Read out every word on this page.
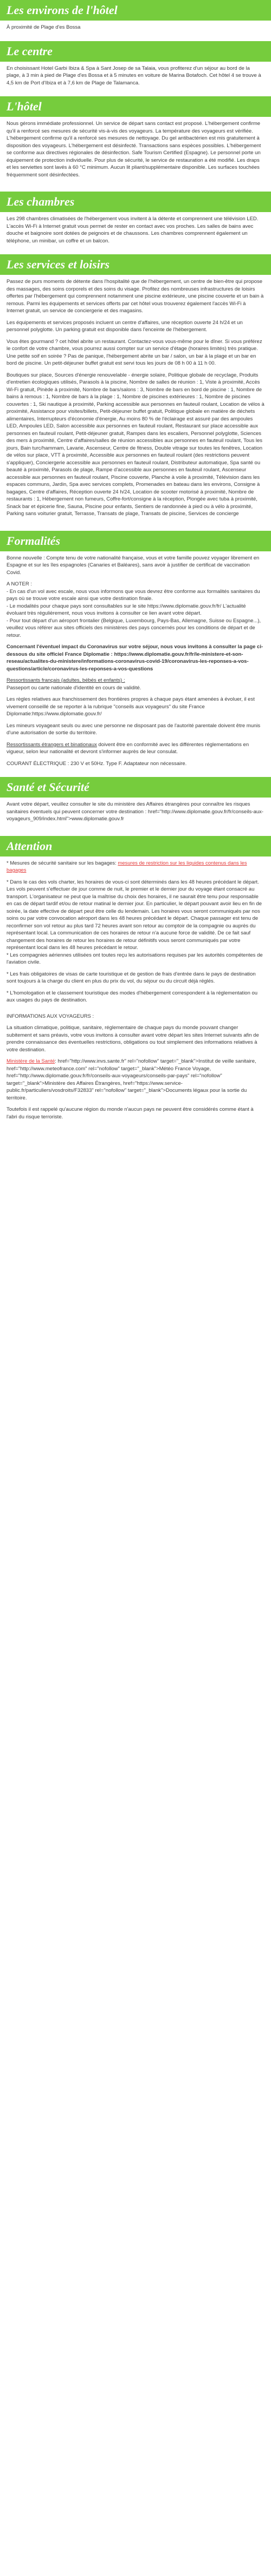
Les environs de l'hôtel

À proximité de Plage d'es Bossa

Le centre

En choisissant Hotel Garbi Ibiza & Spa à Sant Josep de sa Talaia, vous profiterez d'un séjour au bord de la plage, à 3 min à pied de Plage d'es Bossa et à 5 minutes en voiture de Marina Botafoch. Cet hôtel 4 se trouve à 4,5 km de Port d'Ibiza et à 7,6 km de Plage de Talamanca.

L'hôtel

Nous gérons immédiate professionnel. Un service de départ sans contact est proposé. L'hébergement confirme qu'il a renforcé ses mesures de sécurité vis-à-vis des voyageurs. La température des voyageurs est vérifiée. L'hébergement confirme qu'il a renforcé ses mesures de nettoyage. Du gel antibactérien est mis gratuitement à disposition des voyageurs. L'hébergement est désinfecté. Transactions sans espèces possibles. L'hébergement se conforme aux directives régionales de désinfection. Safe Tourism Certified (Espagne). Le personnel porte un équipement de protection individuelle. Pour plus de sécurité, le service de restauration a été modifié. Les draps et les serviettes sont lavés à 60 °C minimum. Aucun lit pliant/supplémentaire disponible. Les surfaces touchées fréquemment sont désinfectées.

Les chambres

Les 298 chambres climatisées de l'hébergement vous invitent à la détente et comprennent une télévision LED. L'accès Wi-Fi à Internet gratuit vous permet de rester en contact avec vos proches. Les salles de bains avec douche et baignoire sont dotées de peignoirs et de chaussons. Les chambres comprennent également un téléphone, un minibar, un coffre et un balcon.

Les services et loisirs

Passez de purs moments de détente dans l'hospitalité que de l'hébergement, un centre de bien-être qui propose des massages, des soins corporels et des soins du visage. Profitez des nombreuses infrastructures de loisirs offertes par l'hébergement qui comprennent notamment une piscine extérieure, une piscine couverte et un bain à remous. Parmi les équipements et services offerts par cet hôtel vous trouverez également l'accès Wi-Fi à Internet gratuit, un service de conciergerie et des magasins.

Les équipements et services proposés incluent un centre d'affaires, une réception ouverte 24 h/24 et un personnel polyglotte. Un parking gratuit est disponible dans l'enceinte de l'hébergement.

Vous êtes gourmand ? cet hôtel abrite un restaurant. Contactez-vous vous-même pour le dîner. Si vous préférez le confort de votre chambre, vous pourrez aussi compter sur un service d'étage (horaires limités) très pratique. Une petite soif en soirée ? Pas de panique, l'hébergement abrite un bar / salon, un bar à la plage et un bar en bord de piscine. Un petit-déjeuner buffet gratuit est servi tous les jours de 08 h 00 à 11 h 00.

Boutiques sur place, Sources d'énergie renouvelable - énergie solaire, Politique globale de recyclage, Produits d'entretien écologiques utilisés, Parasols à la piscine, Nombre de salles de réunion : 1, Viste à proximité, Accès Wi-Fi gratuit, Pinède à proximité, Nombre de bars/salons : 3, Nombre de bars en bord de piscine : 1, Nombre de bains à remous : 1, Nombre de bars à la plage : 1, Nombre de piscines extérieures : 1, Nombre de piscines couvertes : 1, Ski nautique à proximité, Parking accessible aux personnes en fauteuil roulant, Location de vélos à proximité, Assistance pour visites/billets, Petit-déjeuner buffet gratuit, Politique globale en matière de déchets alimentaires, Interrupteurs d'économie d'énergie, Au moins 80 % de l'éclairage est assuré par des ampoules LED, Ampoules LED, Salon accessible aux personnes en fauteuil roulant, Restaurant sur place accessible aux personnes en fauteuil roulant, Petit-déjeuner gratuit, Rampes dans les escaliers, Personnel polyglotte, Sciences des mers à proximité, Centre d'affaires/salles de réunion accessibles aux personnes en fauteuil roulant, Tous les jours, Bain turc/hammam, Lavarie, Ascenseur, Centre de fitness, Double vitrage sur toutes les fenêtres, Location de vélos sur place, VTT à proximité, Accessible aux personnes en fauteuil roulant (des restrictions peuvent s'appliquer), Conciergerie accessible aux personnes en fauteuil roulant, Distributeur automatique, Spa santé ou beauté à proximité, Parasols de plage, Rampe d'accessible aux personnes en fauteuil roulant, Ascenseur accessible aux personnes en fauteuil roulant, Piscine couverte, Planche à voile à proximité, Télévision dans les espaces communs, Jardin, Spa avec services complets, Promenades en bateau dans les environs, Consigne à bagages, Centre d'affaires, Réception ouverte 24 h/24, Location de scooter motorisé à proximité, Nombre de restaurants : 1, Hébergement non fumeurs, Coffre-fort/consigne à la réception, Plongée avec tuba à proximité, Snack bar et épicerie fine, Sauna, Piscine pour enfants, Sentiers de randonnée à pied ou à vélo à proximité, Parking sans voiturier gratuit, Terrasse, Transats de plage, Transats de piscine, Services de concierge

Formalités

Bonne nouvelle : Compte tenu de votre nationalité française, vous et votre famille pouvez voyager librement en Espagne et sur les îles espagnoles (Canaries et Baléares), sans avoir à justifier de certificat de vaccination Covid.

A NOTER :
- En cas d'un vol avec escale, nous vous informons que vous devrez être conforme aux formalités sanitaires du pays où se trouve votre escale ainsi que votre destination finale.
- Le modalités pour chaque pays sont consultables sur le site https://www.diplomatie.gouv.fr/fr/ L'actualité évoluant très régulièrement, nous vous invitons à consulter ce lien avant votre départ.
- Pour tout départ d'un aéroport frontalier (Belgique, Luxembourg, Pays-Bas, Allemagne, Suisse ou Espagne...), veuillez vous référer aux sites officiels des ministères des pays concernés pour les conditions de départ et de retour.

Concernant l'éventuel impact du Coronavirus sur votre séjour, nous vous invitons à consulter la page ci-dessous du site officiel France Diplomatie : https://www.diplomatie.gouv.fr/fr/le-ministere-et-son-reseau/actualites-du-ministere/informations-coronavirus-covid-19/coronavirus-les-reponses-a-vos-questions/article/coronavirus-les-reponses-a-vos-questions

Ressortissants français (adultes, bébés et enfants) :
Passeport ou carte nationale d'identité en cours de validité.

Les règles relatives aux franchissement des frontières propres à chaque pays étant amenées à évoluer, il est vivement conseillé de se reporter à la rubrique "conseils aux voyageurs" du site France Diplomatie:https://www.diplomatie.gouv.fr/

Les mineurs voyageant seuls ou avec une personne ne disposant pas de l'autorité parentale doivent être munis d'une autorisation de sortie du territoire.

Ressortissants étrangers et binationaux doivent être en conformité avec les différentes réglementations en vigueur, selon leur nationalité et devront s'informer auprès de leur consulat.

COURANT ÉLECTRIQUE : 230 V et 50Hz. Type F. Adaptateur non nécessaire.

Santé et Sécurité

Avant votre départ, veuillez consulter le site du ministère des Affaires étrangères pour connaître les risques sanitaires éventuels qui peuvent concerner votre destination : href="http://www.diplomatie.gouv.fr/fr/conseils-aux-voyageurs_909/index.html">www.diplomatie.gouv.fr

Attention

* Mesures de sécurité sanitaire sur les bagages: mesures de restriction sur les liquides contenus dans les bagages

* Dans le cas des vols charter, les horaires de vous-ci sont déterminés dans les 48 heures précédant le départ. Les vols peuvent s'effectuer de jour comme de nuit, le premier et le dernier jour du voyage étant consacré au transport. L'organisateur ne peut que la maîtrise du choix des horaires, il ne saurait être tenu pour responsable en cas de départ tardif et/ou de retour matinal le dernier jour. En particulier, le départ pouvant avoir lieu en fin de soirée, la date effective de départ peut être celle du lendemain. Les horaires vous seront communiqués par nos soins ou par votre convocation aéroport dans les 48 heures précédant le départ. Chaque passager est tenu de reconfirmer son vol retour au plus tard 72 heures avant son retour au comptoir de la compagnie ou auprès du représentant local. La communication de ces horaires de retour n'a aucune force de validité. De ce fait sauf changement des horaires de retour les horaires de retour définitifs vous seront communiqués par votre représentant local dans les 48 heures précédant le retour.
* Les compagnies aériennes utilisées ont toutes reçu les autorisations requises par les autorités compétentes de l'aviation civile.

* Les frais obligatoires de visas de carte touristique et de gestion de frais d'entrée dans le pays de destination sont toujours à la charge du client en plus du prix du vol, du séjour ou du circuit déjà réglés.

* L'homologation et le classement touristique des modes d'hébergement correspondent à la réglementation ou aux usages du pays de destination.

INFORMATIONS AUX VOYAGEURS :

La situation climatique, politique, sanitaire, réglementaire de chaque pays du monde pouvant changer subitement et sans préavis, votre vous invitons à consulter avant votre départ les sites Internet suivants afin de prendre connaissance des éventuelles restrictions, obligations ou tout simplement des informations relatives à votre destination.

Ministère de la Santé: href="http://www.invs.sante.fr" rel="nofollow" target="_blank">Institut de veille sanitaire, href="http://www.meteofrance.com" rel="nofollow" target="_blank">Météo France Voyage, href="http://www.diplomatie.gouv.fr/fr/conseils-aux-voyageurs/conseils-par-pays" rel="nofollow" target="_blank">Ministère des Affaires Étrangères, href="https://www.service-public.fr/particuliers/vosdroits/F32833" rel="nofollow" target="_blank">Documents légaux pour la sortie du territoire.

Toutefois il est rappelé qu'aucune région du monde n'aucun pays ne peuvent être considérés comme étant à l'abri du risque terroriste.
